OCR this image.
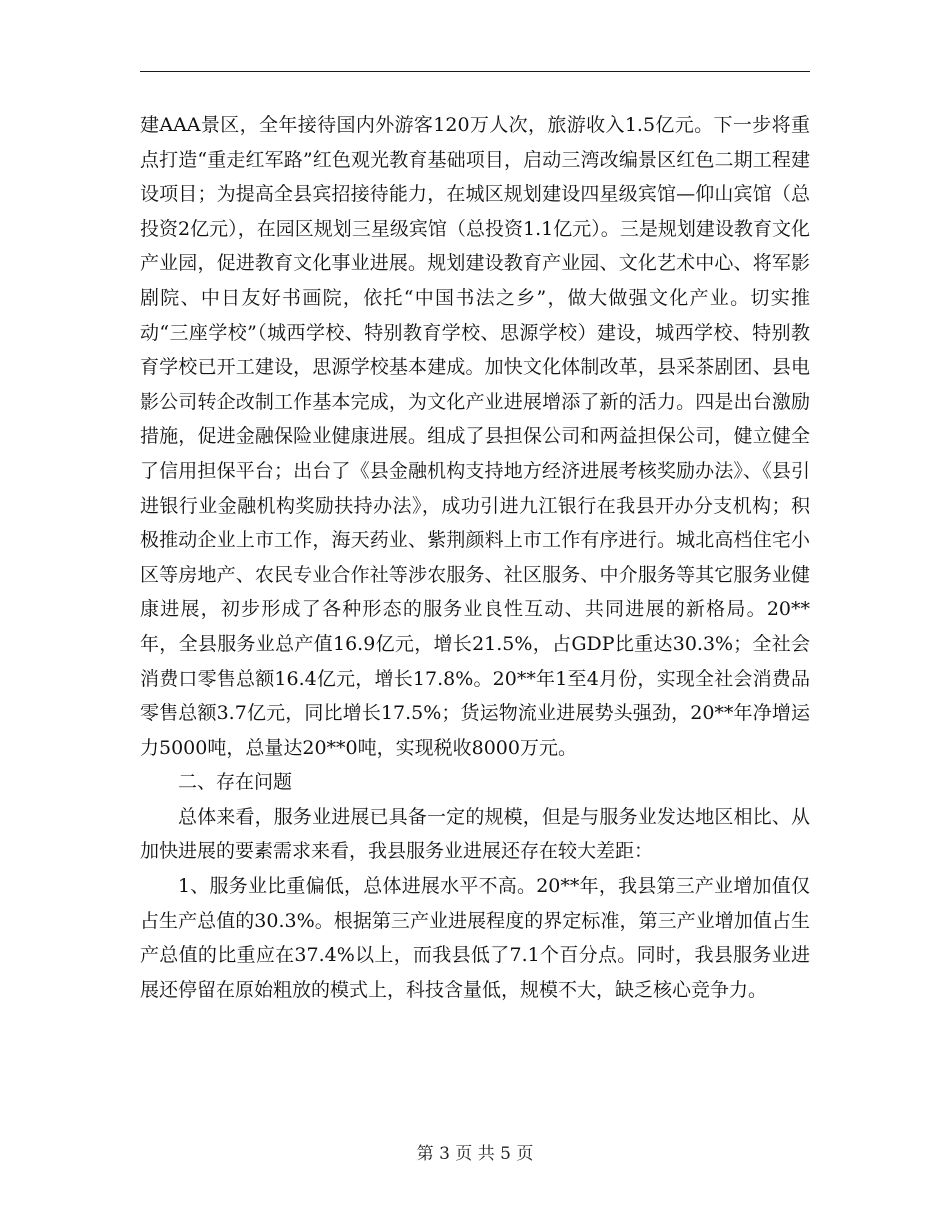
建AAA景区，全年接待国内外游客120万人次，旅游收入1.5亿元。下一步将重点打造“重走红军路”红色观光教育基础项目，启动三湾改编景区红色二期工程建设项目；为提高全县宾招接待能力，在城区规划建设四星级宾馆—仰山宾馆（总投资2亿元），在园区规划三星级宾馆（总投资1.1亿元）。三是规划建设教育文化产业园，促进教育文化事业进展。规划建设教育产业园、文化艺术中心、将军影剧院、中日友好书画院，依托“中国书法之乡”，做大做强文化产业。切实推动“三座学校”（城西学校、特别教育学校、思源学校）建设，城西学校、特别教育学校已开工建设，思源学校基本建成。加快文化体制改革，县采茶剧团、县电影公司转企改制工作基本完成，为文化产业进展增添了新的活力。四是出台激励措施，促进金融保险业健康进展。组成了县担保公司和两益担保公司，健立健全了信用担保平台；出台了《县金融机构支持地方经济进展考核奖励办法》、《县引进银行业金融机构奖励扶持办法》，成功引进九江银行在我县开办分支机构；积极推动企业上市工作，海天药业、紫荆颜料上市工作有序进行。城北高档住宅小区等房地产、农民专业合作社等涉农服务、社区服务、中介服务等其它服务业健康进展，初步形成了各种形态的服务业良性互动、共同进展的新格局。20**年，全县服务业总产值16.9亿元，增长21.5%，占GDP比重达30.3%；全社会消费口零售总额16.4亿元，增长17.8%。20**年1至4月份，实现全社会消费品零售总额3.7亿元，同比增长17.5%；货运物流业进展势头强劲，20**年净增运力5000吨，总量达20**0吨，实现税收8000万元。

二、存在问题

总体来看，服务业进展已具备一定的规模，但是与服务业发达地区相比、从加快进展的要素需求来看，我县服务业进展还存在较大差距：

1、服务业比重偏低，总体进展水平不高。20**年，我县第三产业增加值仅占生产总值的30.3%。根据第三产业进展程度的界定标准，第三产业增加值占生产总值的比重应在37.4%以上，而我县低了7.1个百分点。同时，我县服务业进展还停留在原始粗放的模式上，科技含量低，规模不大，缺乏核心竞争力。

第 3 页 共 5 页
